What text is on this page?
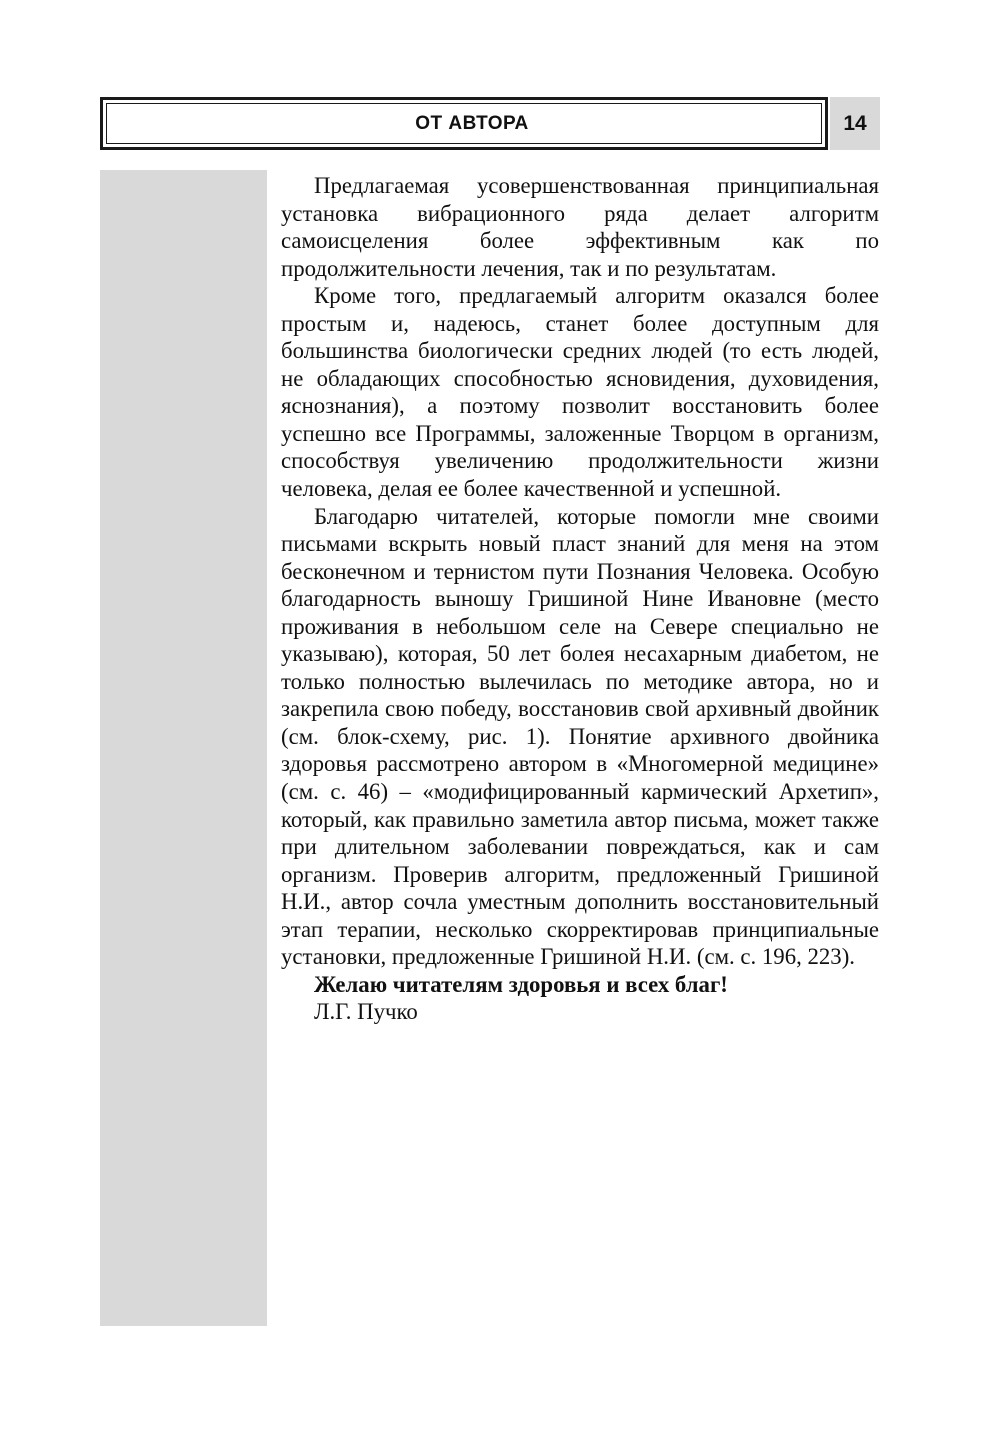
ОТ АВТОРА	14

Предлагаемая усовершенствованная принципиальная установка вибрационного ряда делает алгоритм самоисцеления более эффективным как по продолжительности лечения, так и по результатам.

Кроме того, предлагаемый алгоритм оказался более простым и, надеюсь, станет более доступным для большинства биологически средних людей (то есть людей, не обладающих способностью ясновидения, духовидения, яснознания), а поэтому позволит восстановить более успешно все Программы, заложенные Творцом в организм, способствуя увеличению продолжительности жизни человека, делая ее более качественной и успешной.

Благодарю читателей, которые помогли мне своими письмами вскрыть новый пласт знаний для меня на этом бесконечном и тернистом пути Познания Человека. Особую благодарность выношу Гришиной Нине Ивановне (место проживания в небольшом селе на Севере специально не указываю), которая, 50 лет болея несахарным диабетом, не только полностью вылечилась по методике автора, но и закрепила свою победу, восстановив свой архивный двойник (см. блок-схему, рис. 1). Понятие архивного двойника здоровья рассмотрено автором в «Многомерной медицине» (см. с. 46) – «модифицированный кармический Архетип», который, как правильно заметила автор письма, может также при длительном заболевании повреждаться, как и сам организм. Проверив алгоритм, предложенный Гришиной Н.И., автор сочла уместным дополнить восстановительный этап терапии, несколько скорректировав принципиальные установки, предложенные Гришиной Н.И. (см. с. 196, 223).

Желаю читателям здоровья и всех благ!

Л.Г. Пучко
